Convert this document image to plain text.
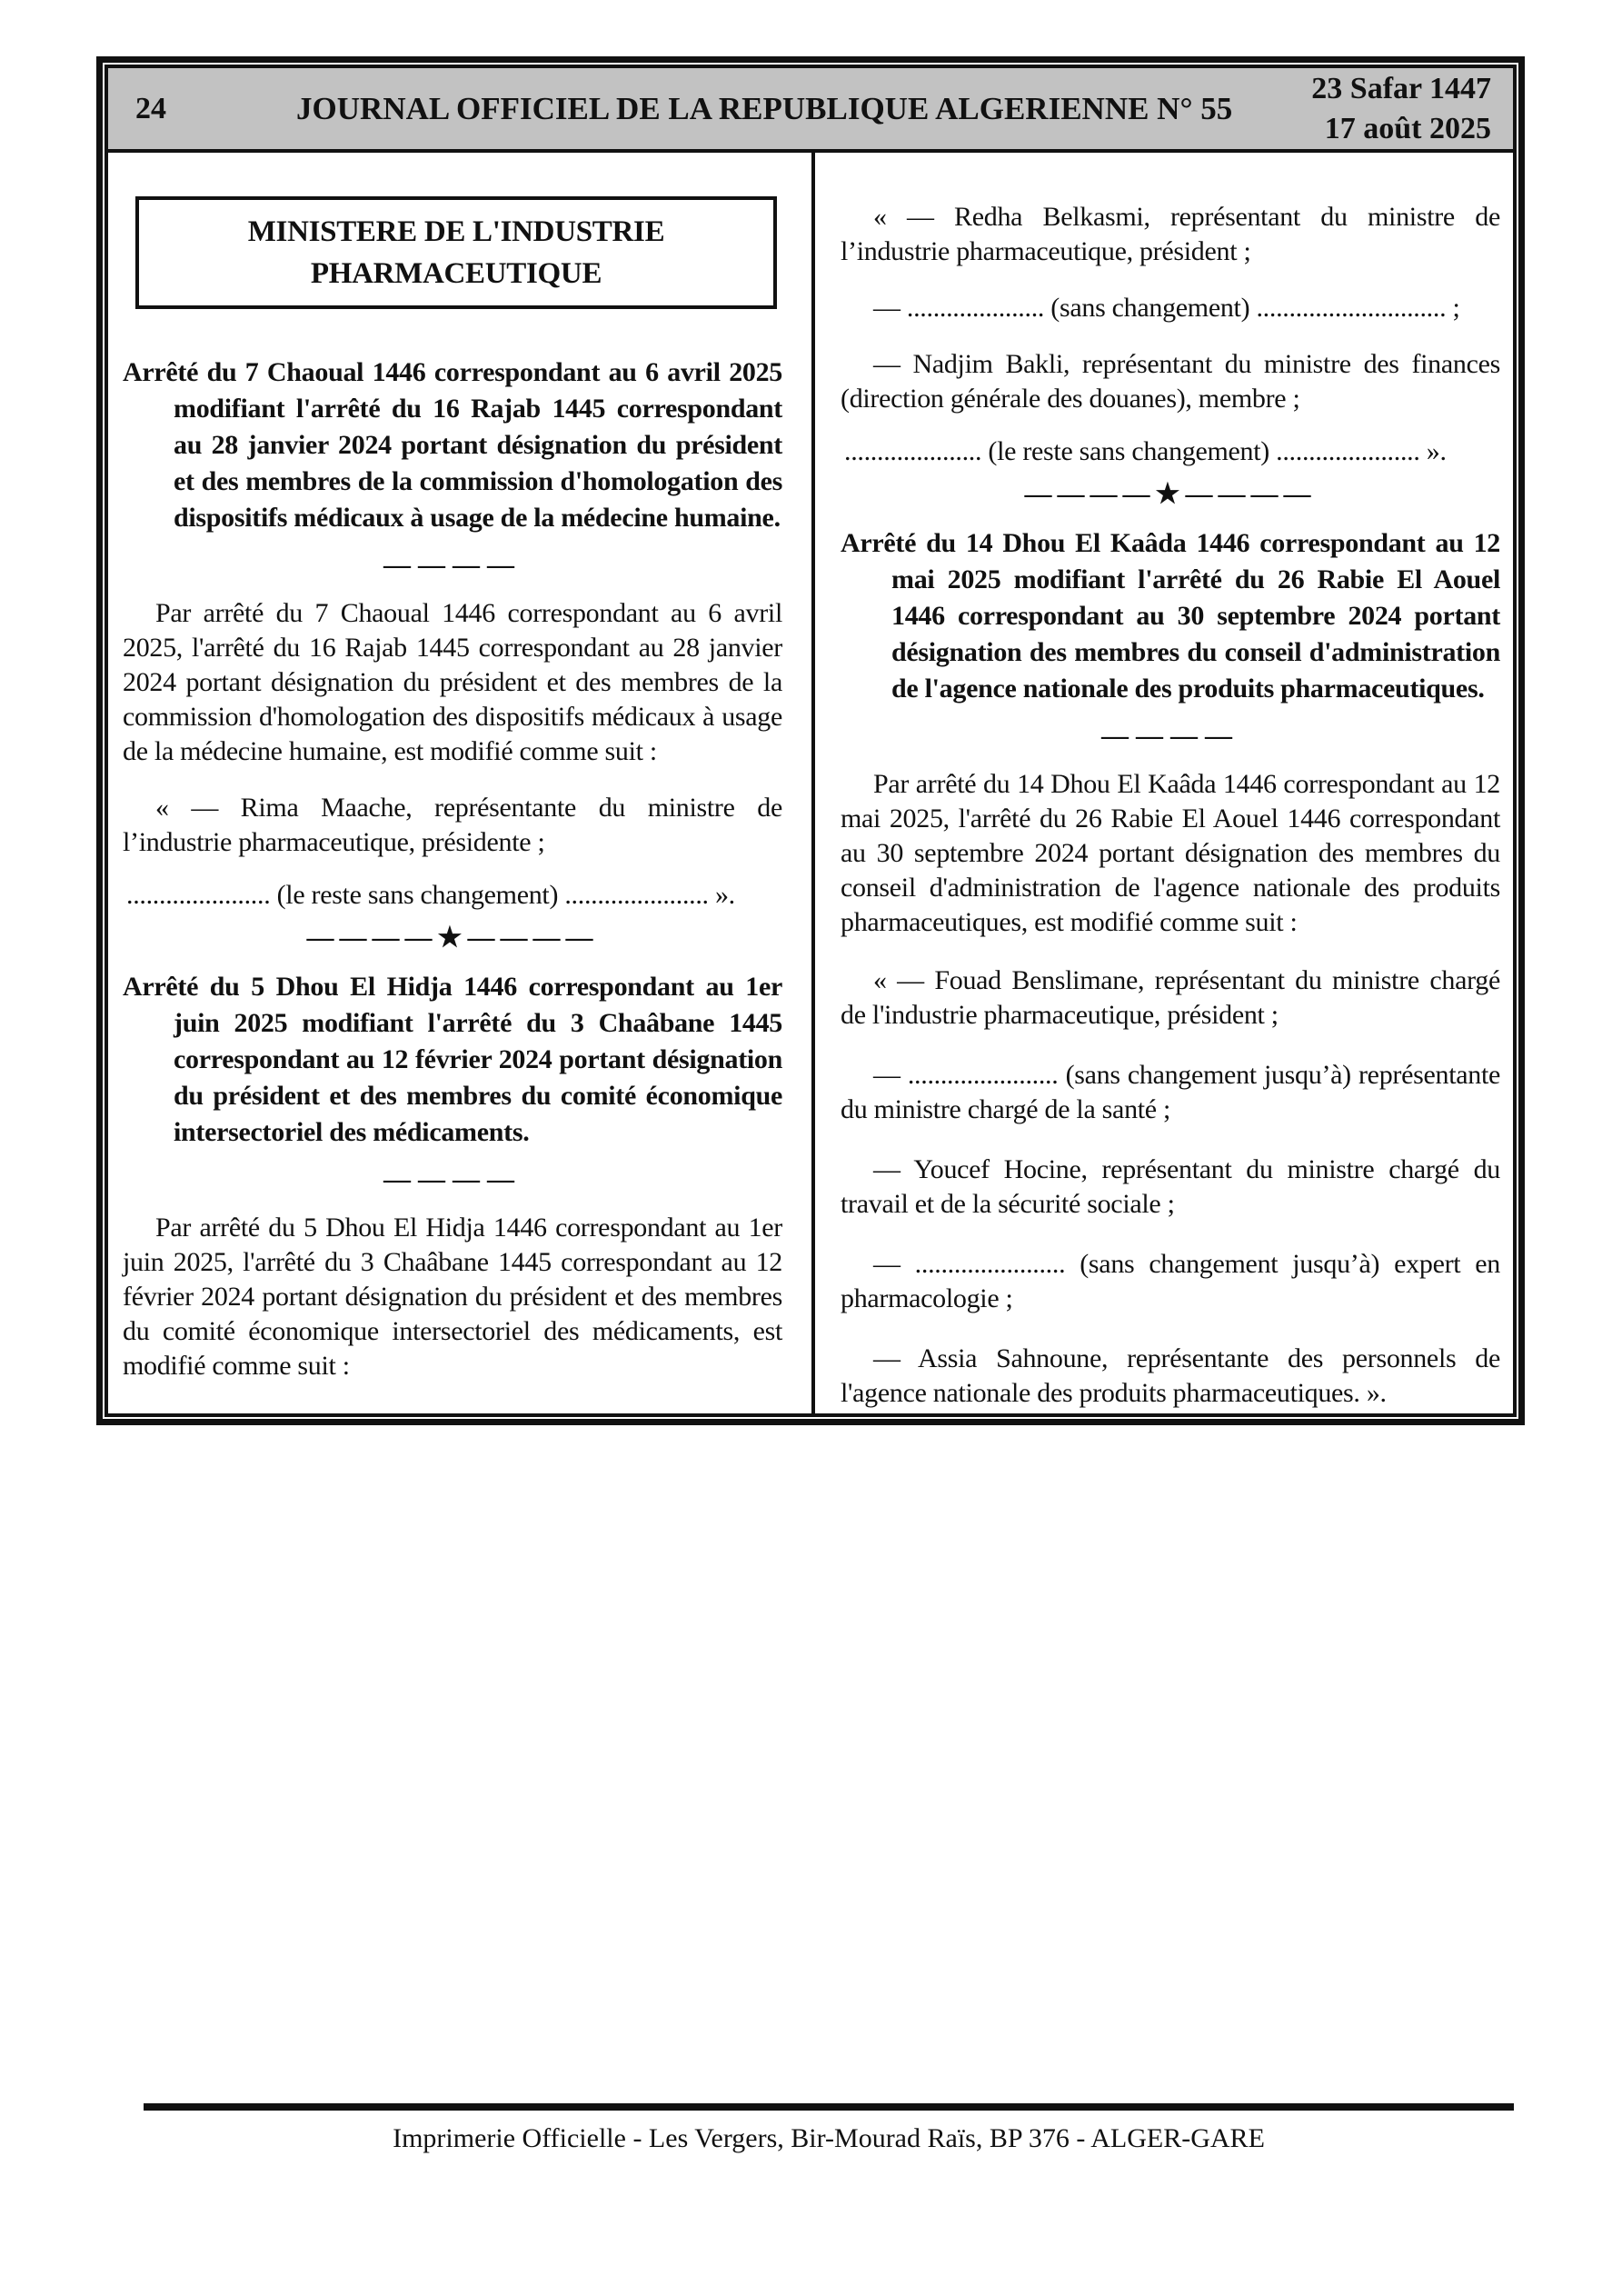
24	JOURNAL OFFICIEL DE LA REPUBLIQUE ALGERIENNE N° 55
23 Safar 1447
17 août 2025
MINISTERE DE L'INDUSTRIE
PHARMACEUTIQUE

Arrêté du 7 Chaoual 1446 correspondant au 6 avril 2025 modifiant l'arrêté du 16 Rajab 1445 correspondant au 28 janvier 2024 portant désignation du président et des membres de la commission d'homologation des dispositifs médicaux à usage de la médecine humaine.

————

Par arrêté du 7 Chaoual 1446 correspondant au 6 avril 2025, l'arrêté du 16 Rajab 1445 correspondant au 28 janvier 2024 portant désignation du président et des membres de la commission d'homologation des dispositifs médicaux à usage de la médecine humaine, est modifié comme suit :

« — Rima Maache, représentante du ministre de l’industrie pharmaceutique, présidente ;

...................... (le reste sans changement) ...................... ».

————★————

Arrêté du 5 Dhou El Hidja 1446 correspondant au 1er juin 2025 modifiant l'arrêté du 3 Chaâbane 1445 correspondant au 12 février 2024 portant désignation du président et des membres du comité économique intersectoriel des médicaments.

————

Par arrêté du 5 Dhou El Hidja 1446 correspondant au 1er juin 2025, l'arrêté du 3 Chaâbane 1445 correspondant au 12 février 2024 portant désignation du président et des membres du comité économique intersectoriel des médicaments, est modifié comme suit :

« — Redha Belkasmi, représentant du ministre de l’industrie pharmaceutique, président ;

— ..................... (sans changement) ............................. ;

— Nadjim Bakli, représentant du ministre des finances (direction générale des douanes), membre ;

..................... (le reste sans changement) ...................... ».

————★————

Arrêté du 14 Dhou El Kaâda 1446 correspondant au 12 mai 2025 modifiant l'arrêté du 26 Rabie El Aouel 1446 correspondant au 30 septembre 2024 portant désignation des membres du conseil d'administration de l'agence nationale des produits pharmaceutiques.

————

Par arrêté du 14 Dhou El Kaâda 1446 correspondant au 12 mai 2025, l'arrêté du 26 Rabie El Aouel 1446 correspondant au 30 septembre 2024 portant désignation des membres du conseil d'administration de l'agence nationale des produits pharmaceutiques, est modifié comme suit :

« — Fouad Benslimane, représentant du ministre chargé de l'industrie pharmaceutique, président ;

— ....................... (sans changement jusqu’à) représentante du ministre chargé de la santé ;

— Youcef Hocine, représentant du ministre chargé du travail et de la sécurité sociale ;

— ....................... (sans changement jusqu’à) expert en pharmacologie ;

— Assia Sahnoune, représentante des personnels de l'agence nationale des produits pharmaceutiques. ».

Imprimerie Officielle - Les Vergers, Bir-Mourad Raïs, BP 376 - ALGER-GARE
